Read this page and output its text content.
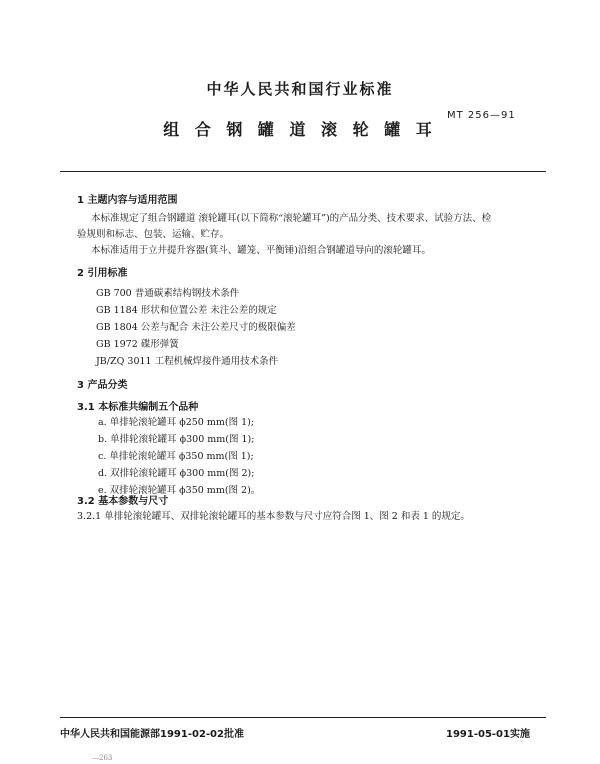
中华人民共和国行业标准
MT 256—91
组 合 钢 罐 道 滚 轮 罐 耳
1 主题内容与适用范围
本标准规定了组合钢罐道 滚轮罐耳(以下简称“滚轮罐耳”)的产品分类、技术要求、试验方法、检
验规则和标志、包装、运输、贮存。
本标准适用于立井提升容器(箕斗、罐笼、平衡锤)沿组合钢罐道导向的滚轮罐耳。
2 引用标准
GB 700 普通碳素结构钢技术条件
GB 1184 形状和位置公差 未注公差的规定
GB 1804 公差与配合 未注公差尺寸的极限偏差
GB 1972 碟形弹簧
JB/ZQ 3011 工程机械焊接件通用技术条件
3 产品分类
3.1 本标准共编制五个品种
a. 单排轮滚轮罐耳 ϕ250 mm(图 1);
b. 单排轮滚轮罐耳 ϕ300 mm(图 1);
c. 单排轮滚轮罐耳 ϕ350 mm(图 1);
d. 双排轮滚轮罐耳 ϕ300 mm(图 2);
e. 双排轮滚轮罐耳 ϕ350 mm(图 2)。
3.2 基本参数与尺寸
3.2.1 单排轮滚轮罐耳、双排轮滚轮罐耳的基本参数与尺寸应符合图 1、图 2 和表 1 的规定。
中华人民共和国能源部1991-02-02批准	1991-05-01实施
—263
